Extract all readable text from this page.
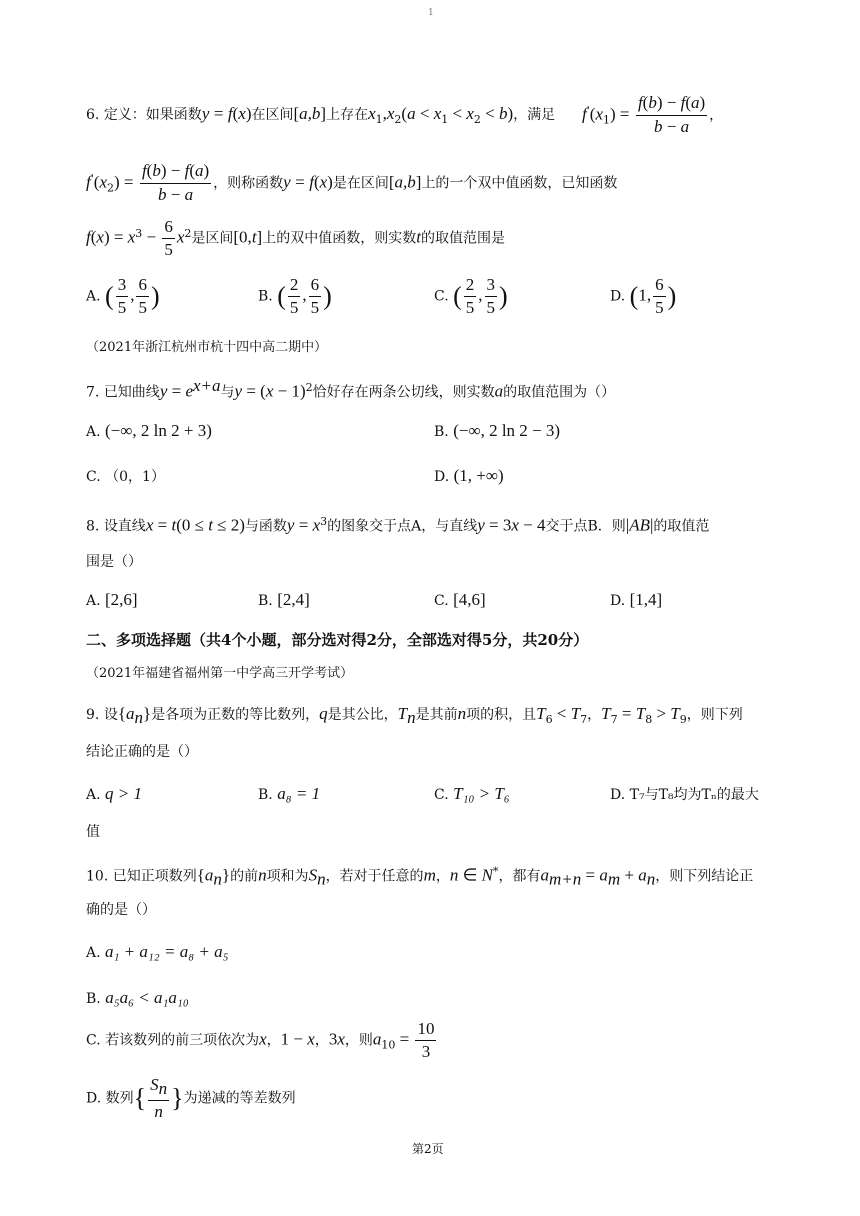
1
6. 定义：如果函数y = f(x)在区间[a,b]上存在$x_1,x_2(a < x_1 < x_2 < b)$，满足	$f'(x_1) = \frac{f(b) - f(a)}{b - a}$ ，
$f'(x_2) = \frac{f(b) - f(a)}{b - a}$ ，则称函数y = f(x)是在区间[a,b]上的一个双中值函数，已知函数
$f(x) = x^3 - \frac{6}{5} x^2$是区间[0,t]上的双中值函数，则实数t的取值范围是
A. ( $\frac{3}{5}$ , $\frac{6}{5}$ )	B. ( $\frac{2}{5}$ , $\frac{6}{5}$ )	C. ( $\frac{2}{5}$ , $\frac{3}{5}$ )	D. (1, $\frac{6}{5}$ )
（2021年浙江杭州市杭十四中高二期中）
7. 已知曲线$y = e^{x+a}$与$y = (x - 1)^2$恰好存在两条公切线，则实数a的取值范围为（）
A. (−∞, 2 ln 2 + 3)	B. (−∞, 2 ln 2 − 3)
C. （0，1）	D. (1, +∞)
8. 设直线x = t(0 ≤ t ≤ 2)与函数$y = x^3$的图象交于点A，与直线y = 3x − 4交于点B．则|AB|的取值范
围是（）
A. [2,6]	B. [2,4]	C. [4,6]	D. [1,4]
二、多项选择题（共4个小题，部分选对得2分，全部选对得5分，共20分）
（2021年福建省福州第一中学高三开学考试）
9. 设$\{a_n\}$是各项为正数的等比数列，q是其公比，$T_n$是其前n项的积，且$T_6 < T_7$，$T_7 = T_8 > T_9$，则下列
结论正确的是（）
A. q > 1	B. a₈ = 1	C. T₁₀ > T₆	D. T₇与T₈均为Tₙ的最大
值
10. 已知正项数列$\{a_n\}$的前n项和为$S_n$，若对于任意的m，n ∈ N*，都有$a_{m+n} = a_m + a_n$，则下列结论正
确的是（）
A. a₁ + a₁₂ = a₈ + a₅
B. a₅a₆ < a₁a₁₀
C. 若该数列的前三项依次为x，1 − x，3x，则$a_{10} = \frac{10}{3}$
D. 数列{ $\frac{S_n}{n}$ }为递减的等差数列
第2页
